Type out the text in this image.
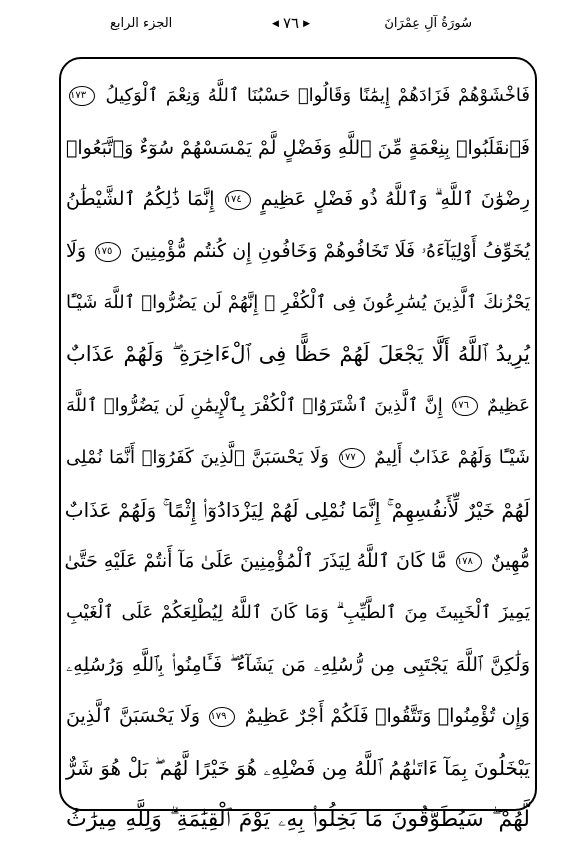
سُورَةُ آلِ عِمْرَانَ
◀ ٧٦ ▶
الجزء الرابع
فَاخْشَوْهُمْ فَزَادَهُمْ إِيمَٰنًا وَقَالُوا۟ حَسْبُنَا ٱللَّهُ وَنِعْمَ ٱلْوَكِيلُ ١٧٣
فَٱنقَلَبُوا۟ بِنِعْمَةٍ مِّنَ ٱللَّهِ وَفَضْلٍ لَّمْ يَمْسَسْهُمْ سُوٓءٌ وَٱتَّبَعُوا۟
رِضْوَٰنَ ٱللَّهِ ۗ وَٱللَّهُ ذُو فَضْلٍ عَظِيمٍ ١٧٤ إِنَّمَا ذَٰلِكُمُ ٱلشَّيْطَٰنُ
يُخَوِّفُ أَوْلِيَآءَهُۥ فَلَا تَخَافُوهُمْ وَخَافُونِ إِن كُنتُم مُّؤْمِنِينَ ١٧٥ وَلَا
يَحْزُنكَ ٱلَّذِينَ يُسَٰرِعُونَ فِى ٱلْكُفْرِ ۚ إِنَّهُمْ لَن يَضُرُّوا۟ ٱللَّهَ شَيْـًٔا
يُرِيدُ ٱللَّهُ أَلَّا يَجْعَلَ لَهُمْ حَظًّا فِى ٱلْءَاخِرَةِ ۖ وَلَهُمْ عَذَابٌ
عَظِيمٌ ١٧٦ إِنَّ ٱلَّذِينَ ٱشْتَرَوُا۟ ٱلْكُفْرَ بِٱلْإِيمَٰنِ لَن يَضُرُّوا۟ ٱللَّهَ
شَيْـًٔا وَلَهُمْ عَذَابٌ أَلِيمٌ ١٧٧ وَلَا يَحْسَبَنَّ ٱلَّذِينَ كَفَرُوٓا۟ أَنَّمَا نُمْلِى
لَهُمْ خَيْرٌ لِّأَنفُسِهِمْ ۚ إِنَّمَا نُمْلِى لَهُمْ لِيَزْدَادُوٓا۟ إِثْمًا ۚ وَلَهُمْ عَذَابٌ
مُّهِينٌ ١٧٨ مَّا كَانَ ٱللَّهُ لِيَذَرَ ٱلْمُؤْمِنِينَ عَلَىٰ مَآ أَنتُمْ عَلَيْهِ حَتَّىٰ
يَمِيزَ ٱلْخَبِيثَ مِنَ ٱلطَّيِّبِ ۗ وَمَا كَانَ ٱللَّهُ لِيُطْلِعَكُمْ عَلَى ٱلْغَيْبِ
وَلَٰكِنَّ ٱللَّهَ يَجْتَبِى مِن رُّسُلِهِۦ مَن يَشَآءُ ۖ فَـَٔامِنُوا۟ بِٱللَّهِ وَرُسُلِهِۦ
وَإِن تُؤْمِنُوا۟ وَتَتَّقُوا۟ فَلَكُمْ أَجْرٌ عَظِيمٌ ١٧٩ وَلَا يَحْسَبَنَّ ٱلَّذِينَ
يَبْخَلُونَ بِمَآ ءَاتَىٰهُمُ ٱللَّهُ مِن فَضْلِهِۦ هُوَ خَيْرًا لَّهُم ۖ بَلْ هُوَ شَرٌّ
لَّهُمْ ۖ سَيُطَوَّقُونَ مَا بَخِلُوا۟ بِهِۦ يَوْمَ ٱلْقِيَٰمَةِ ۗ وَلِلَّهِ مِيرَٰثُ
